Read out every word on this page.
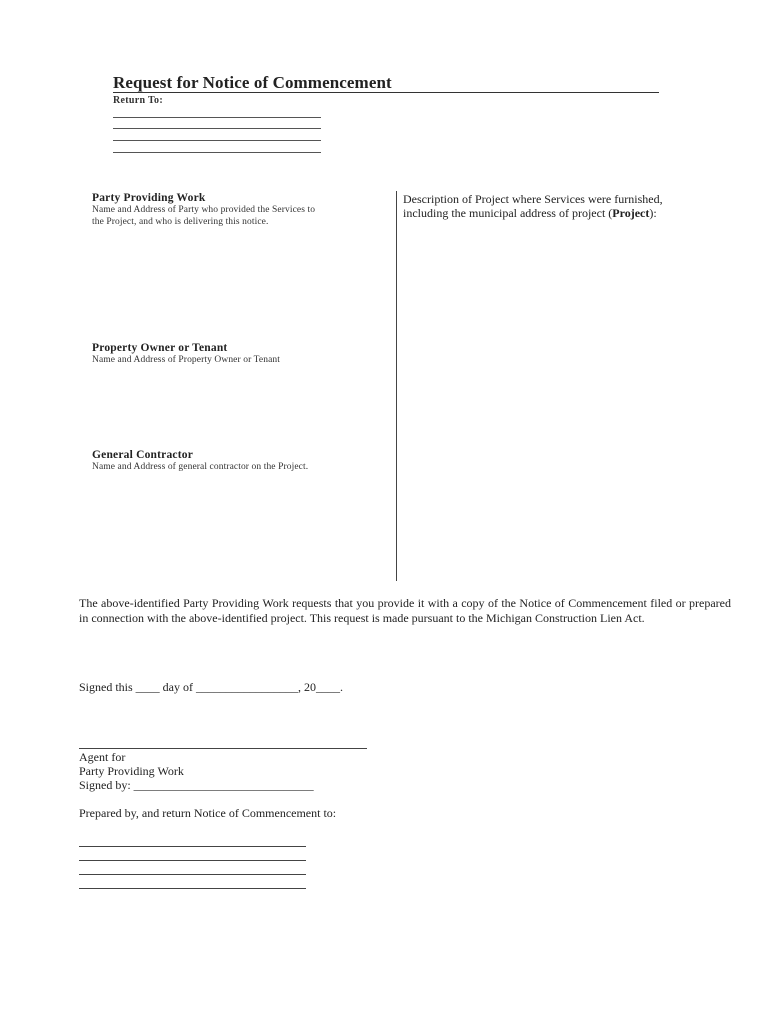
Request for Notice of Commencement
Return To:
Party Providing Work
Name and Address of Party who provided the Services to
the Project, and who is delivering this notice.
Property Owner or Tenant
Name and Address of Property Owner or Tenant
General Contractor
Name and Address of general contractor on the Project.
Description of Project where Services were furnished,
including the municipal address of project (Project):
The above-identified Party Providing Work requests that you provide it with a copy of the Notice of Commencement filed or prepared in connection with the above-identified project. This request is made pursuant to the Michigan Construction Lien Act.
Signed this ____ day of _________________, 20____.
Agent for
Party Providing Work
Signed by: ______________________________
Prepared by, and return Notice of Commencement to:
